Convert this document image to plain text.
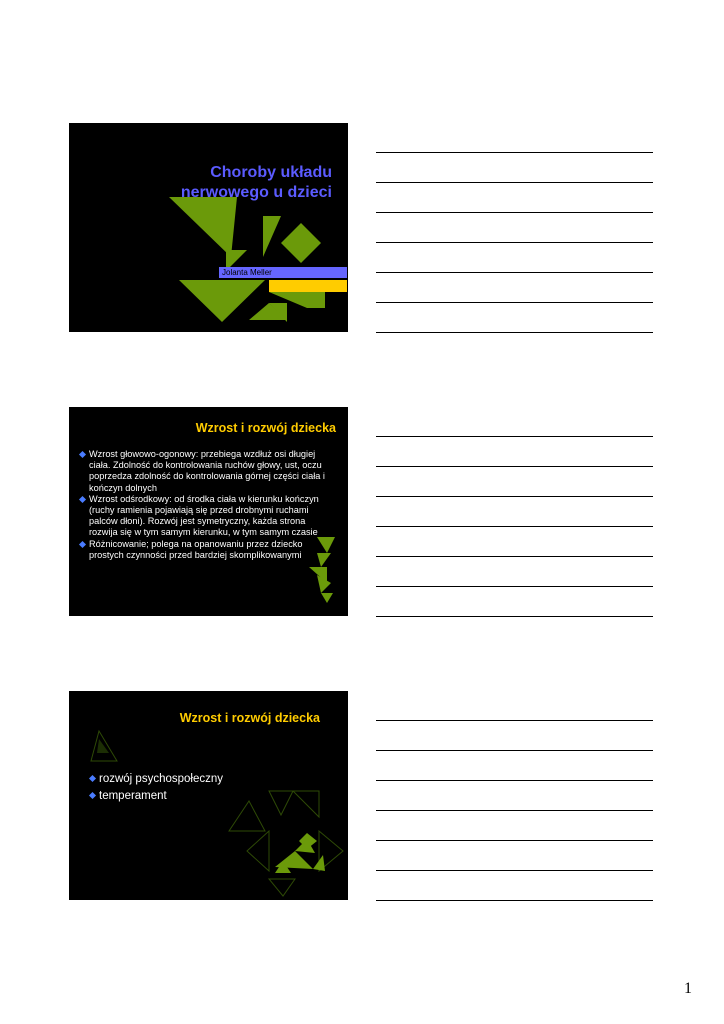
Choroby układu
nerwowego u dzieci
Jolanta Meller
Wzrost i rozwój dziecka
Wzrost głowowo-ogonowy: przebiega wzdłuż osi długiej ciała. Zdolność do kontrolowania ruchów głowy, ust, oczu poprzedza zdolność do kontrolowania górnej części ciała i kończyn dolnych
Wzrost odśrodkowy: od środka ciała w kierunku kończyn (ruchy ramienia pojawiają się przed drobnymi ruchami palców dłoni). Rozwój jest symetryczny, każda strona rozwija się w tym samym kierunku, w tym samym czasie
Różnicowanie; polega na opanowaniu przez dziecko prostych czynności przed bardziej skomplikowanymi
Wzrost i rozwój dziecka
rozwój psychospołeczny
temperament
1
